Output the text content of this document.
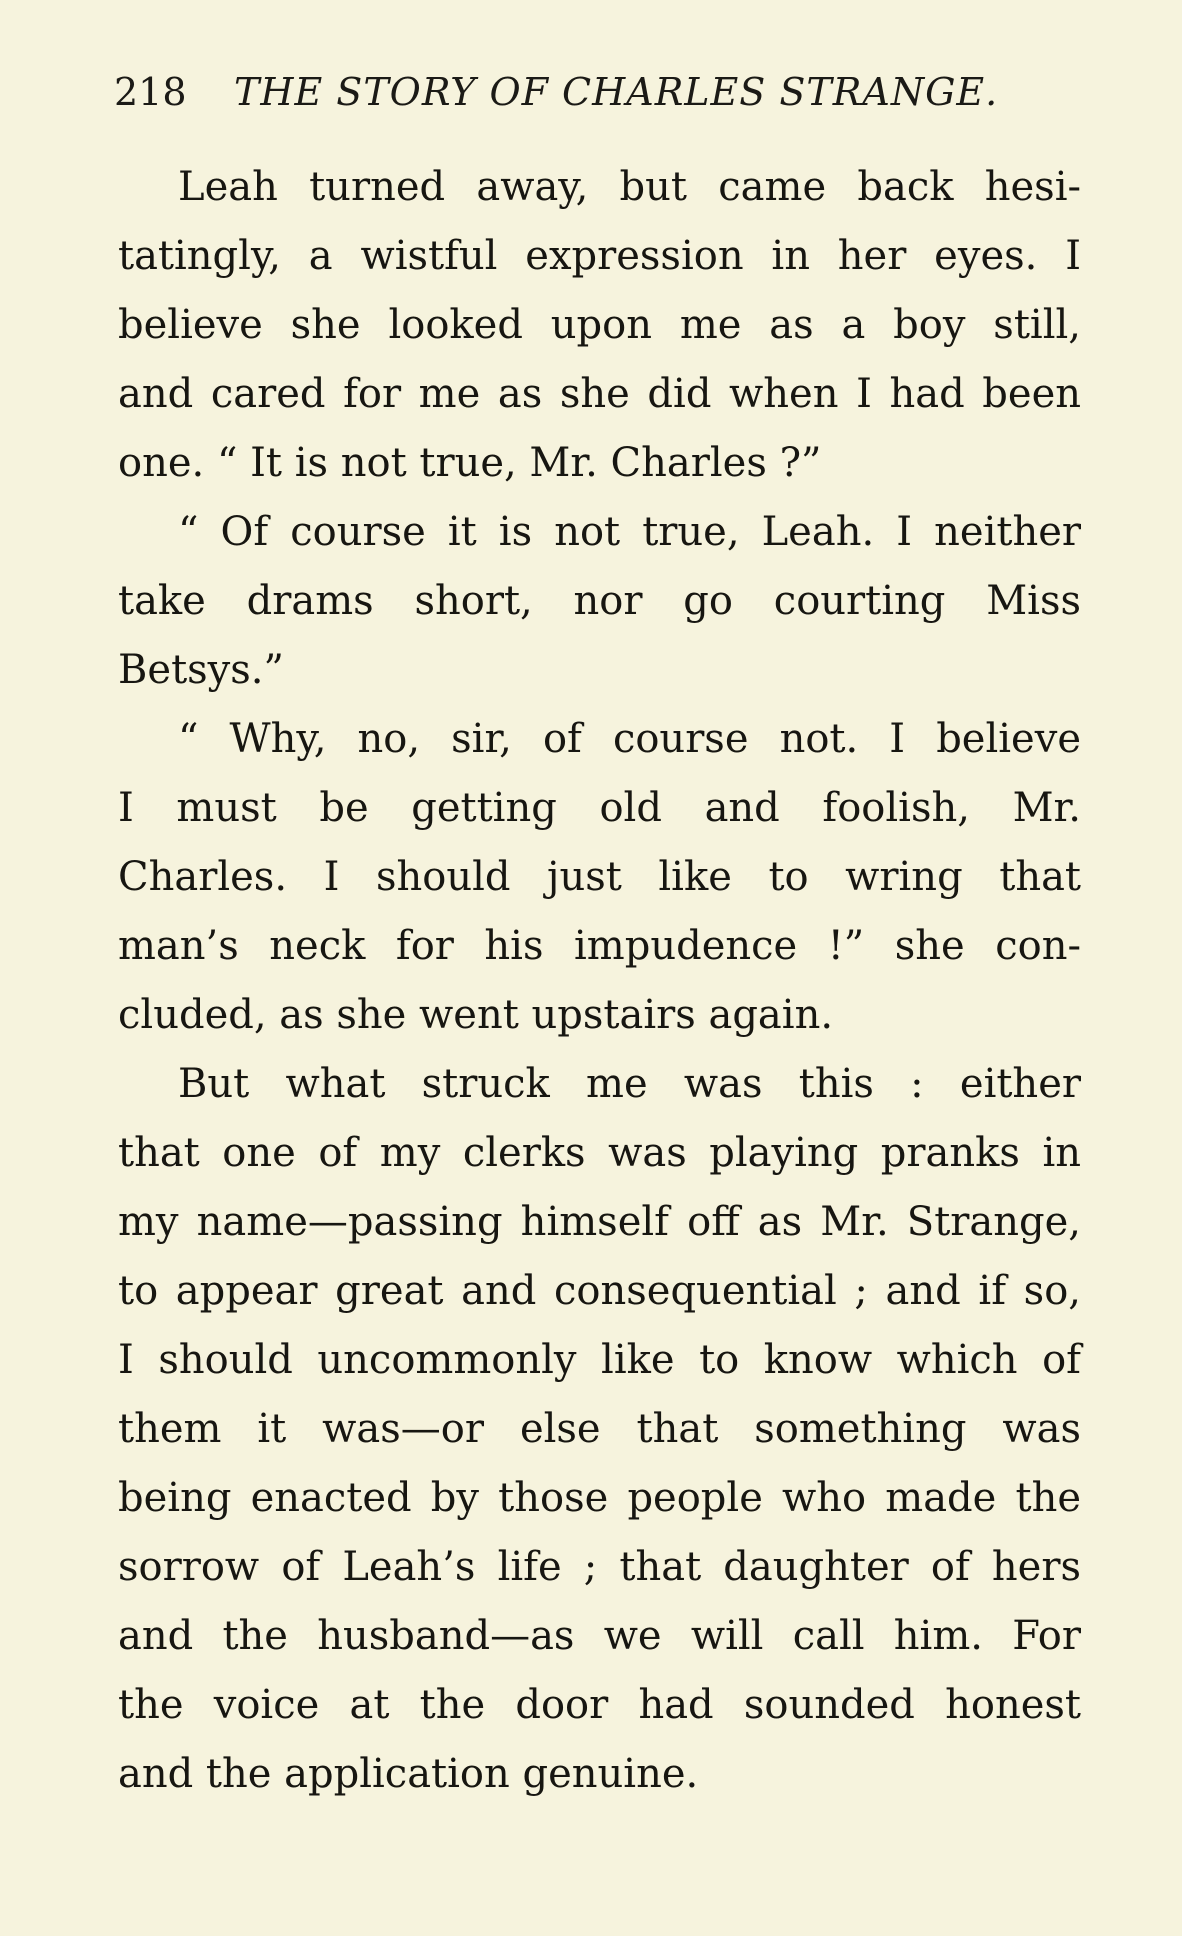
218 THE STORY OF CHARLES STRANGE.
Leah turned away, but came back hesi-
tatingly, a wistful expression in her eyes. I
believe she looked upon me as a boy still,
and cared for me as she did when I had been
one. “ It is not true, Mr. Charles ?”
“ Of course it is not true, Leah. I neither
take drams short, nor go courting Miss
Betsys.”
“ Why, no, sir, of course not. I believe
I must be getting old and foolish, Mr.
Charles. I should just like to wring that
man’s neck for his impudence !” she con-
cluded, as she went upstairs again.
But what struck me was this : either
that one of my clerks was playing pranks in
my name—passing himself off as Mr. Strange,
to appear great and consequential ; and if so,
I should uncommonly like to know which of
them it was—or else that something was
being enacted by those people who made the
sorrow of Leah’s life ; that daughter of hers
and the husband—as we will call him. For
the voice at the door had sounded honest
and the application genuine.
